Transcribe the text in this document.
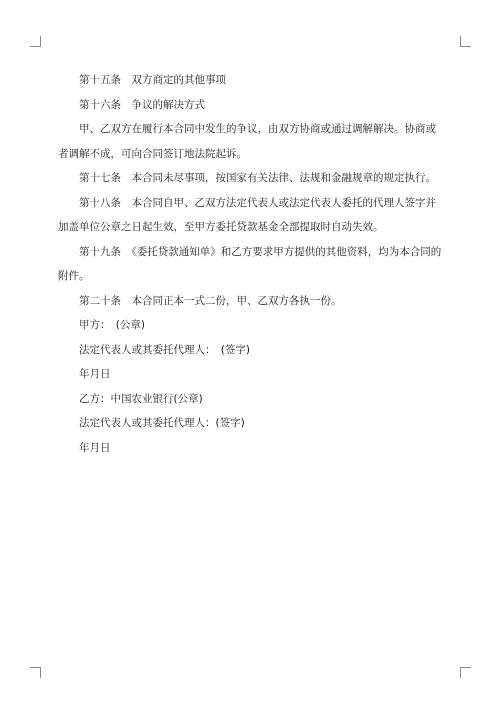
第十五条　双方商定的其他事项

第十六条　争议的解决方式

甲、乙双方在履行本合同中发生的争议，由双方协商或通过调解解决。协商或者调解不成，可向合同签订地法院起诉。

第十七条　本合同未尽事项，按国家有关法律、法规和金融规章的规定执行。

第十八条　本合同自甲、乙双方法定代表人或法定代表人委托的代理人签字并加盖单位公章之日起生效，至甲方委托贷款基金全部提取时自动失效。

第十九条　《委托贷款通知单》和乙方要求甲方提供的其他资料，均为本合同的附件。

第二十条　本合同正本一式二份，甲、乙双方各执一份。

甲方：　(公章)

法定代表人或其委托代理人：　(签字)

年月日

乙方：中国农业银行(公章)

法定代表人或其委托代理人：(签字)

年月日
